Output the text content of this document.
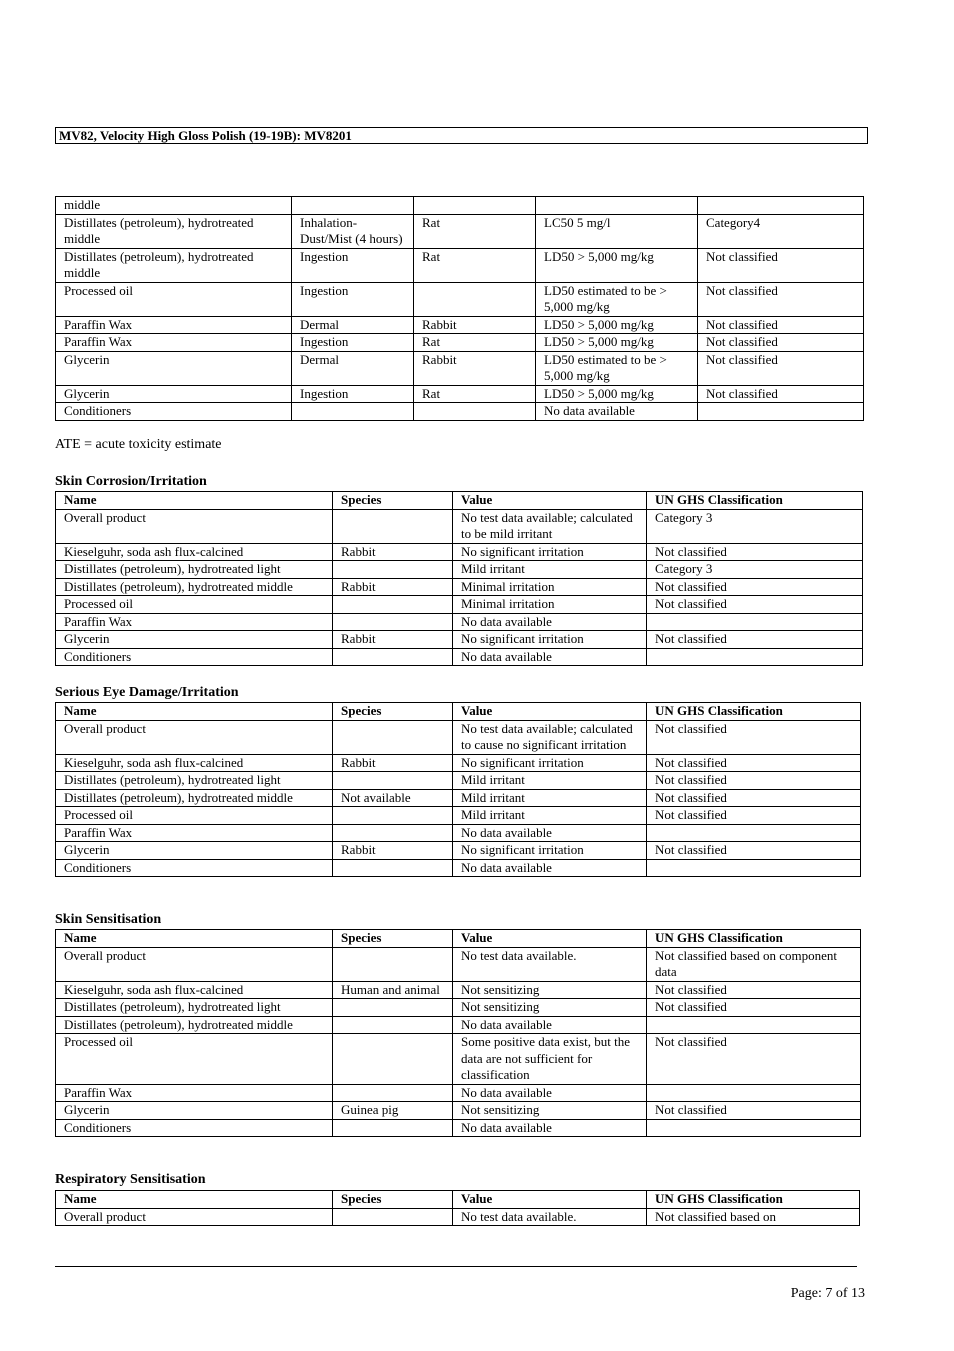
MV82, Velocity High Gloss Polish (19-19B): MV8201
middle				
Distillates (petroleum), hydrotreated middle	Inhalation-Dust/Mist (4 hours)	Rat	LC50 5 mg/l	Category4
Distillates (petroleum), hydrotreated middle	Ingestion	Rat	LD50 > 5,000 mg/kg	Not classified
Processed oil	Ingestion		LD50 estimated to be > 5,000 mg/kg	Not classified
Paraffin Wax	Dermal	Rabbit	LD50 > 5,000 mg/kg	Not classified
Paraffin Wax	Ingestion	Rat	LD50 > 5,000 mg/kg	Not classified
Glycerin	Dermal	Rabbit	LD50 estimated to be > 5,000 mg/kg	Not classified
Glycerin	Ingestion	Rat	LD50 > 5,000 mg/kg	Not classified
Conditioners			No data available	
ATE = acute toxicity estimate
Skin Corrosion/Irritation
Name	Species	Value	UN GHS Classification
Overall product		No test data available; calculated to be mild irritant	Category 3
Kieselguhr, soda ash flux-calcined	Rabbit	No significant irritation	Not classified
Distillates (petroleum), hydrotreated light		Mild irritant	Category 3
Distillates (petroleum), hydrotreated middle	Rabbit	Minimal irritation	Not classified
Processed oil		Minimal irritation	Not classified
Paraffin Wax		No data available	
Glycerin	Rabbit	No significant irritation	Not classified
Conditioners		No data available	
Serious Eye Damage/Irritation
Name	Species	Value	UN GHS Classification
Overall product		No test data available; calculated to cause no significant irritation	Not classified
Kieselguhr, soda ash flux-calcined	Rabbit	No significant irritation	Not classified
Distillates (petroleum), hydrotreated light		Mild irritant	Not classified
Distillates (petroleum), hydrotreated middle	Not available	Mild irritant	Not classified
Processed oil		Mild irritant	Not classified
Paraffin Wax		No data available	
Glycerin	Rabbit	No significant irritation	Not classified
Conditioners		No data available	
Skin Sensitisation
Name	Species	Value	UN GHS Classification
Overall product		No test data available.	Not classified based on component data
Kieselguhr, soda ash flux-calcined	Human and animal	Not sensitizing	Not classified
Distillates (petroleum), hydrotreated light		Not sensitizing	Not classified
Distillates (petroleum), hydrotreated middle		No data available	
Processed oil		Some positive data exist, but the data are not sufficient for classification	Not classified
Paraffin Wax		No data available	
Glycerin	Guinea pig	Not sensitizing	Not classified
Conditioners		No data available	
Respiratory Sensitisation
Name	Species	Value	UN GHS Classification
Overall product		No test data available.	Not classified based on
Page: 7 of 13
